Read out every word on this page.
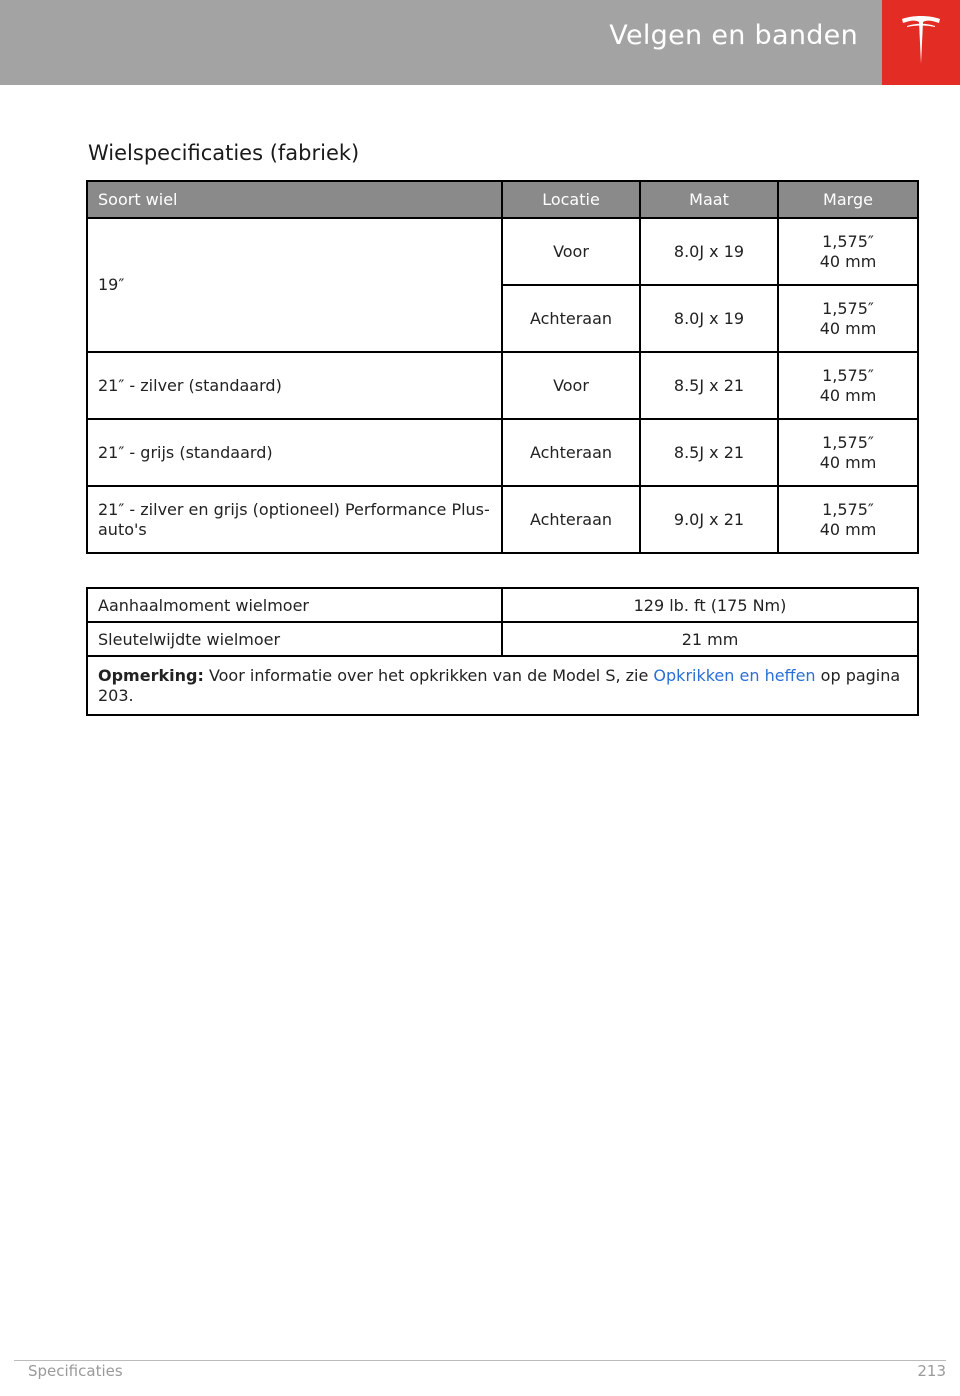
Velgen en banden
Wielspecificaties (fabriek)
Soort wiel	Locatie	Maat	Marge
19″	Voor	8.0J x 19	1,575″
40 mm
	Achteraan	8.0J x 19	1,575″
40 mm
21″ - zilver (standaard)	Voor	8.5J x 21	1,575″
40 mm
21″ - grijs (standaard)	Achteraan	8.5J x 21	1,575″
40 mm
21″ - zilver en grijs (optioneel) Performance Plus-auto's	Achteraan	9.0J x 21	1,575″
40 mm
Aanhaalmoment wielmoer	129 lb. ft (175 Nm)
Sleutelwijdte wielmoer	21 mm
Opmerking: Voor informatie over het opkrikken van de Model S, zie Opkrikken en heffen op pagina 203.	
Specificaties	213
